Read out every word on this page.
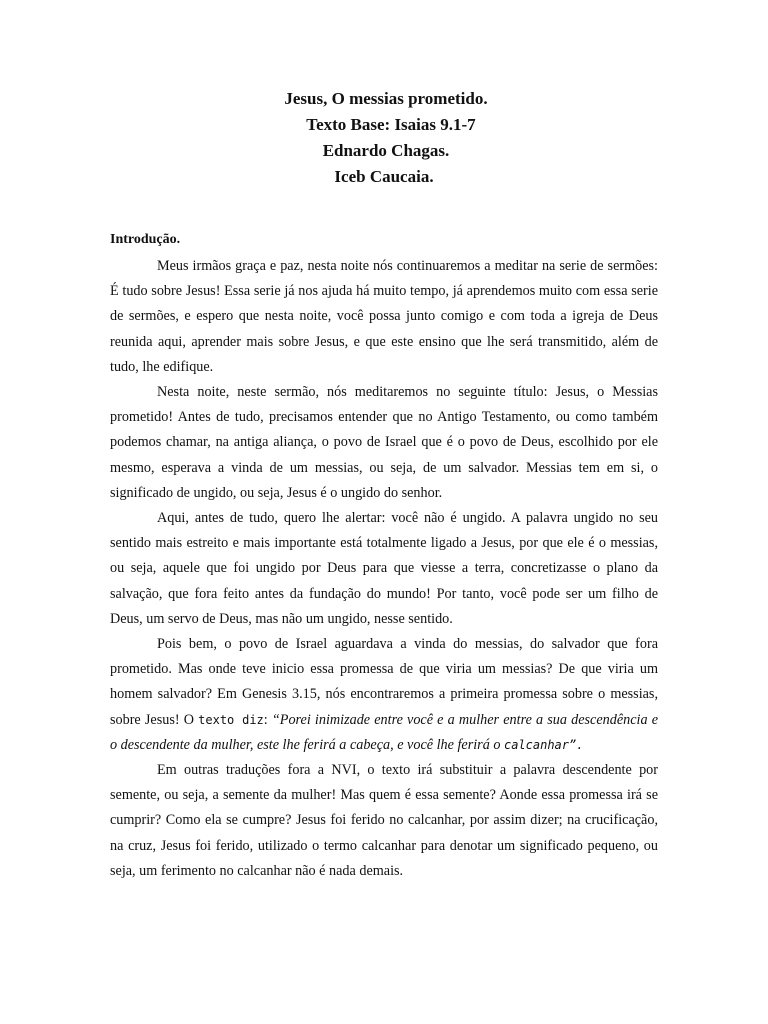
Jesus, O messias prometido.
Texto Base: Isaias 9.1-7
Ednardo Chagas.
Iceb Caucaia.
Introdução.

Meus irmãos graça e paz, nesta noite nós continuaremos a meditar na serie de sermões: É tudo sobre Jesus! Essa serie já nos ajuda há muito tempo, já aprendemos muito com essa serie de sermões, e espero que nesta noite, você possa junto comigo e com toda a igreja de Deus reunida aqui, aprender mais sobre Jesus, e que este ensino que lhe será transmitido, além de tudo, lhe edifique.

Nesta noite, neste sermão, nós meditaremos no seguinte título: Jesus, o Messias prometido! Antes de tudo, precisamos entender que no Antigo Testamento, ou como também podemos chamar, na antiga aliança, o povo de Israel que é o povo de Deus, escolhido por ele mesmo, esperava a vinda de um messias, ou seja, de um salvador. Messias tem em si, o significado de ungido, ou seja, Jesus é o ungido do senhor.

Aqui, antes de tudo, quero lhe alertar: você não é ungido. A palavra ungido no seu sentido mais estreito e mais importante está totalmente ligado a Jesus, por que ele é o messias, ou seja, aquele que foi ungido por Deus para que viesse a terra, concretizasse o plano da salvação, que fora feito antes da fundação do mundo! Por tanto, você pode ser um filho de Deus, um servo de Deus, mas não um ungido, nesse sentido.

Pois bem, o povo de Israel aguardava a vinda do messias, do salvador que fora prometido. Mas onde teve inicio essa promessa de que viria um messias? De que viria um homem salvador? Em Genesis 3.15, nós encontraremos a primeira promessa sobre o messias, sobre Jesus! O texto diz: “Porei inimizade entre você e a mulher entre a sua descendência e o descendente da mulher, este lhe ferirá a cabeça, e você lhe ferirá o calcanhar”.

Em outras traduções fora a NVI, o texto irá substituir a palavra descendente por semente, ou seja, a semente da mulher! Mas quem é essa semente? Aonde essa promessa irá se cumprir? Como ela se cumpre? Jesus foi ferido no calcanhar, por assim dizer; na crucificação, na cruz, Jesus foi ferido, utilizado o termo calcanhar para denotar um significado pequeno, ou seja, um ferimento no calcanhar não é nada demais.
